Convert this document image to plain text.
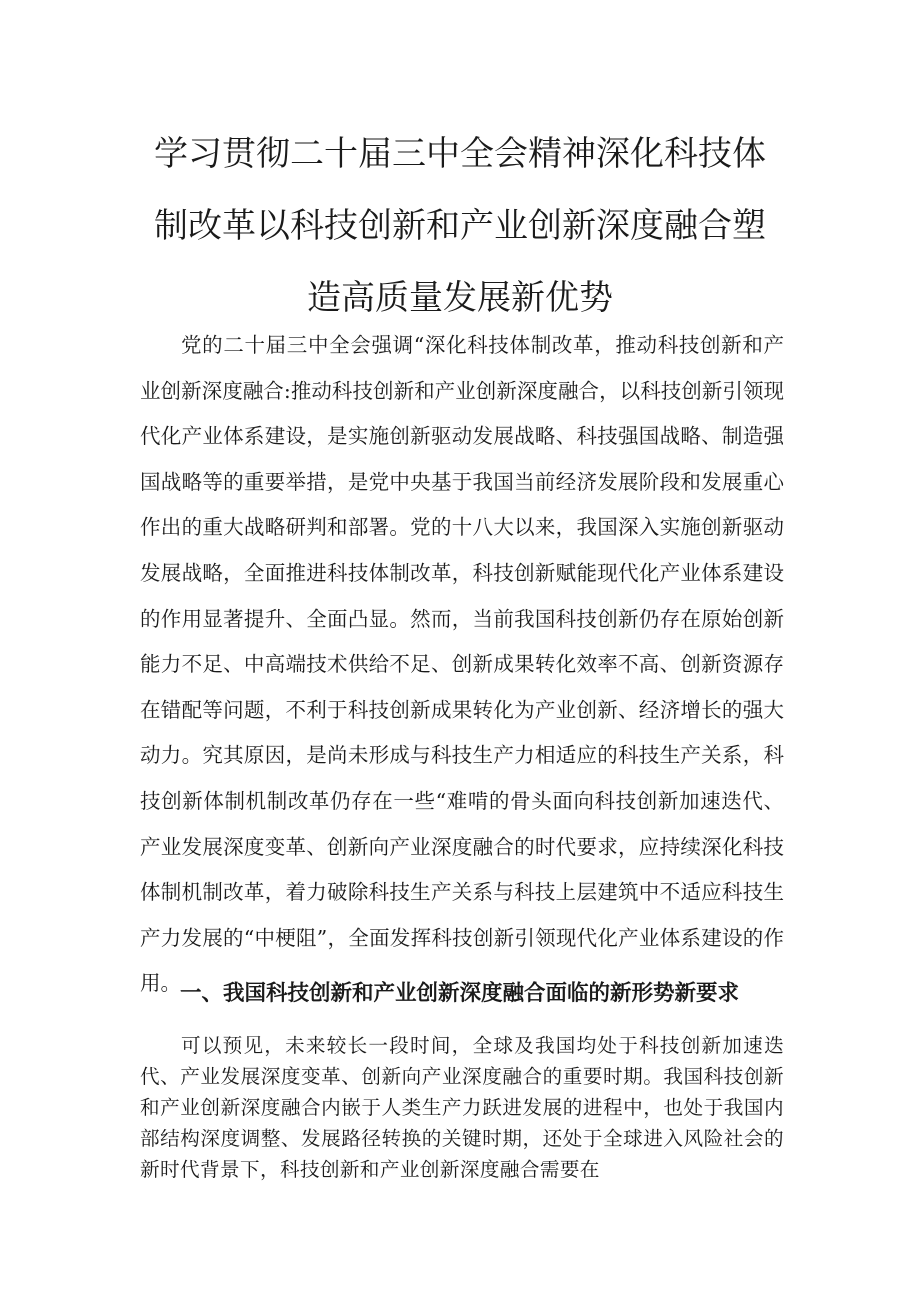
学习贯彻二十届三中全会精神深化科技体
制改革以科技创新和产业创新深度融合塑
造高质量发展新优势

党的二十届三中全会强调“深化科技体制改革，推动科技创新和产业创新深度融合:推动科技创新和产业创新深度融合，以科技创新引领现代化产业体系建设，是实施创新驱动发展战略、科技强国战略、制造强国战略等的重要举措，是党中央基于我国当前经济发展阶段和发展重心作出的重大战略研判和部署。党的十八大以来，我国深入实施创新驱动发展战略，全面推进科技体制改革，科技创新赋能现代化产业体系建设的作用显著提升、全面凸显。然而，当前我国科技创新仍存在原始创新能力不足、中高端技术供给不足、创新成果转化效率不高、创新资源存在错配等问题，不利于科技创新成果转化为产业创新、经济增长的强大动力。究其原因，是尚未形成与科技生产力相适应的科技生产关系，科技创新体制机制改革仍存在一些“难啃的骨头面向科技创新加速迭代、产业发展深度变革、创新向产业深度融合的时代要求，应持续深化科技体制机制改革，着力破除科技生产关系与科技上层建筑中不适应科技生产力发展的“中梗阻”，全面发挥科技创新引领现代化产业体系建设的作用。 一、我国科技创新和产业创新深度融合面临的新形势新要求

可以预见，未来较长一段时间，全球及我国均处于科技创新加速迭代、产业发展深度变革、创新向产业深度融合的重要时期。我国科技创新和产业创新深度融合内嵌于人类生产力跃进发展的进程中，也处于我国内部结构深度调整、发展路径转换的关键时期，还处于全球进入风险社会的新时代背景下，科技创新和产业创新深度融合需要在
